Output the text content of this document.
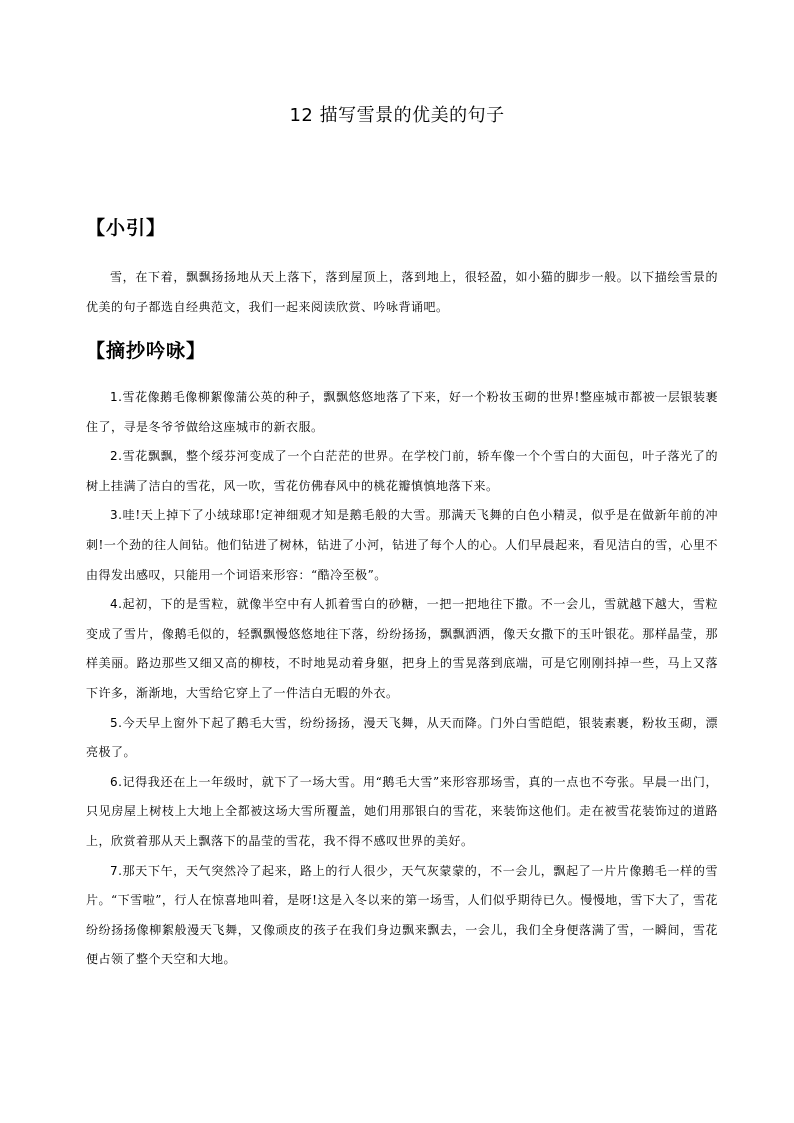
12 描写雪景的优美的句子
【小引】
雪，在下着，飘飘扬扬地从天上落下，落到屋顶上，落到地上，很轻盈，如小猫的脚步一般。以下描绘雪景的优美的句子都选自经典范文，我们一起来阅读欣赏、吟咏背诵吧。
【摘抄吟咏】

1.雪花像鹅毛像柳絮像蒲公英的种子，飘飘悠悠地落了下来，好一个粉妆玉砌的世界!整座城市都被一层银装裹住了，寻是冬爷爷做给这座城市的新衣服。

2.雪花飘飘，整个绥芬河变成了一个白茫茫的世界。在学校门前，轿车像一个个雪白的大面包，叶子落光了的树上挂满了洁白的雪花，风一吹，雪花仿佛春风中的桃花瓣慎慎地落下来。

3.哇!天上掉下了小绒球耶!定神细观才知是鹅毛般的大雪。那满天飞舞的白色小精灵，似乎是在做新年前的冲刺!一个劲的往人间钻。他们钻进了树林，钻进了小河，钻进了每个人的心。人们早晨起来，看见洁白的雪，心里不由得发出感叹，只能用一个词语来形容：“酷冷至极”。

4.起初，下的是雪粒，就像半空中有人抓着雪白的砂糖，一把一把地往下撒。不一会儿，雪就越下越大，雪粒变成了雪片，像鹅毛似的，轻飘飘慢悠悠地往下落，纷纷扬扬，飘飘洒洒，像天女撒下的玉叶银花。那样晶莹，那样美丽。路边那些又细又高的柳枝，不时地晃动着身躯，把身上的雪晃落到底端，可是它刚刚抖掉一些，马上又落下许多，渐渐地，大雪给它穿上了一件洁白无暇的外衣。

5.今天早上窗外下起了鹅毛大雪，纷纷扬扬，漫天飞舞，从天而降。门外白雪皑皑，银装素裹，粉妆玉砌，漂亮极了。

6.记得我还在上一年级时，就下了一场大雪。用“鹅毛大雪”来形容那场雪，真的一点也不夸张。早晨一出门，只见房屋上树枝上大地上全都被这场大雪所覆盖，她们用那银白的雪花，来装饰这他们。走在被雪花装饰过的道路上，欣赏着那从天上飘落下的晶莹的雪花，我不得不感叹世界的美好。

7.那天下午，天气突然冷了起来，路上的行人很少，天气灰蒙蒙的，不一会儿，飘起了一片片像鹅毛一样的雪片。“下雪啦”，行人在惊喜地叫着，是呀!这是入冬以来的第一场雪，人们似乎期待已久。慢慢地，雪下大了，雪花纷纷扬扬像柳絮般漫天飞舞，又像顽皮的孩子在我们身边飘来飘去，一会儿，我们全身便落满了雪，一瞬间，雪花便占领了整个天空和大地。
